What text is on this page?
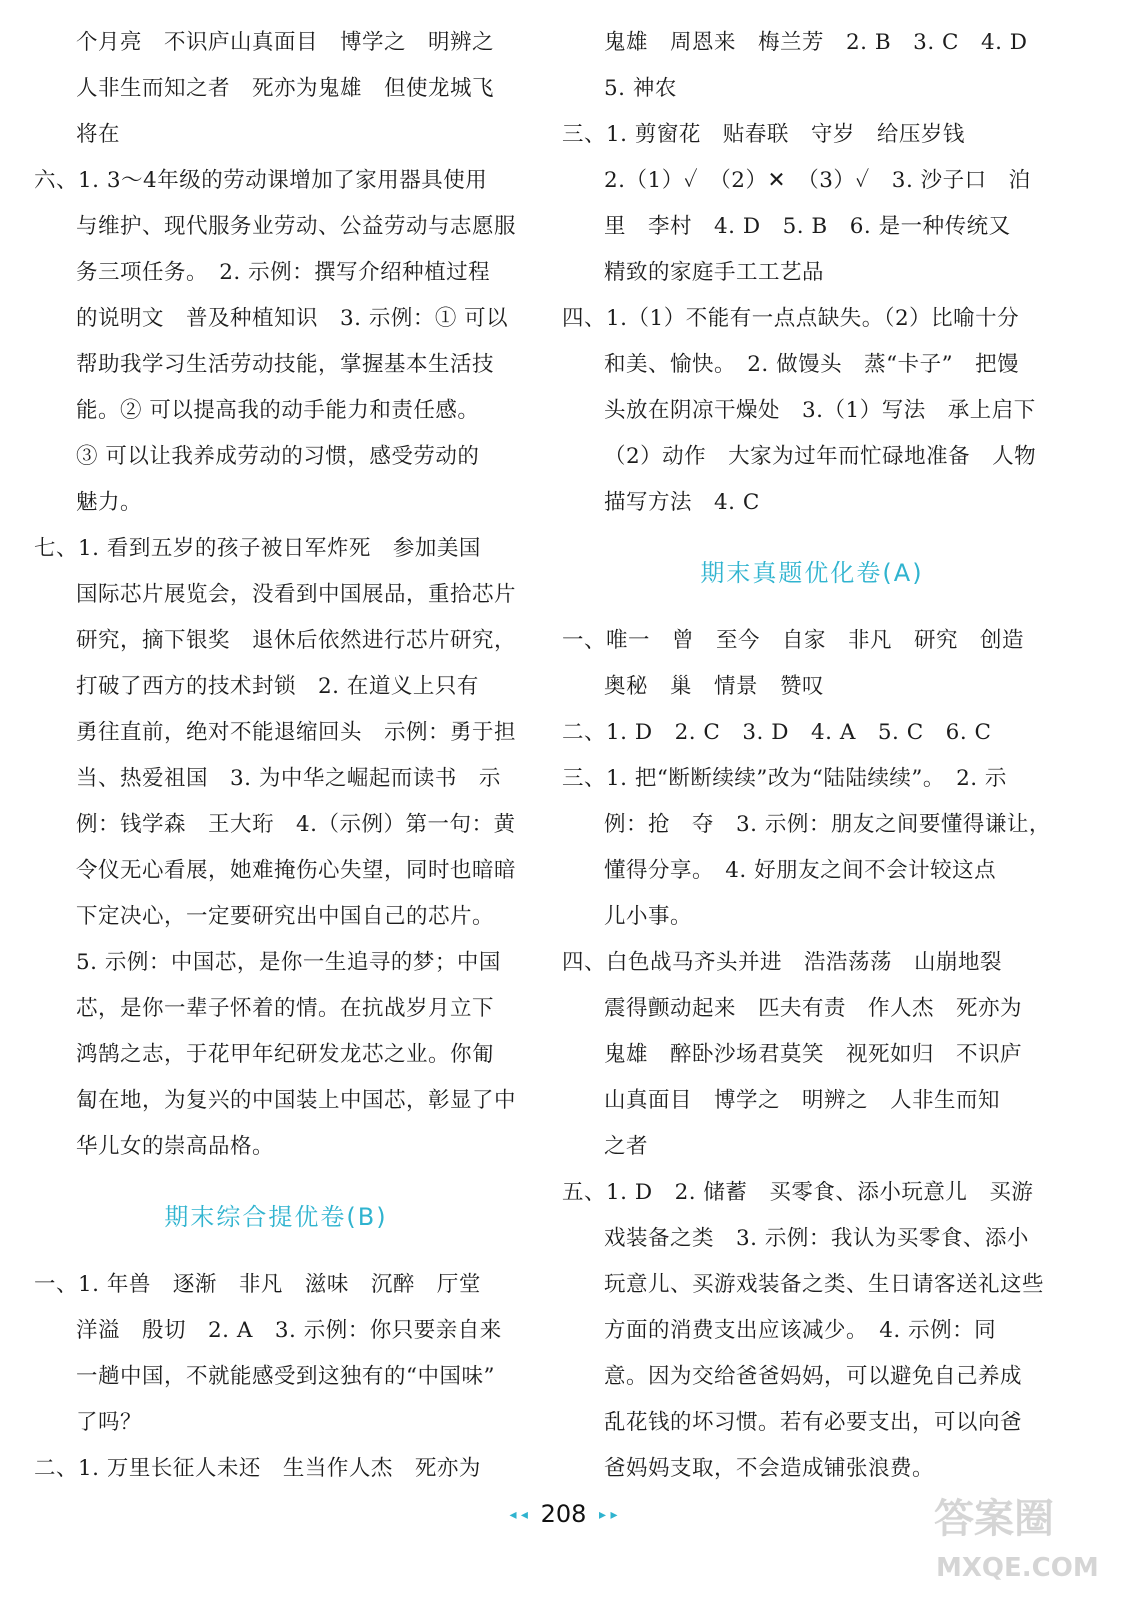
个月亮　不识庐山真面目　博学之　明辨之
人非生而知之者　死亦为鬼雄　但使龙城飞
将在
六、1. 3～4年级的劳动课增加了家用器具使用
与维护、现代服务业劳动、公益劳动与志愿服
务三项任务。　2. 示例：撰写介绍种植过程
的说明文　普及种植知识　3. 示例：① 可以
帮助我学习生活劳动技能，掌握基本生活技
能。② 可以提高我的动手能力和责任感。
③ 可以让我养成劳动的习惯，感受劳动的
魅力。
七、1. 看到五岁的孩子被日军炸死　参加美国
国际芯片展览会，没看到中国展品，重拾芯片
研究，摘下银奖　退休后依然进行芯片研究，
打破了西方的技术封锁　2. 在道义上只有
勇往直前，绝对不能退缩回头　示例：勇于担
当、热爱祖国　3. 为中华之崛起而读书　示
例：钱学森　王大珩　4.（示例）第一句：黄
令仪无心看展，她难掩伤心失望，同时也暗暗
下定决心，一定要研究出中国自己的芯片。
5. 示例：中国芯，是你一生追寻的梦；中国
芯，是你一辈子怀着的情。在抗战岁月立下
鸿鹄之志，于花甲年纪研发龙芯之业。你匍
匐在地，为复兴的中国装上中国芯，彰显了中
华儿女的崇高品格。
期末综合提优卷(B)
一、1. 年兽　逐渐　非凡　滋味　沉醉　厅堂
洋溢　殷切　2. A　3. 示例：你只要亲自来
一趟中国，不就能感受到这独有的“中国味”
了吗？
二、1. 万里长征人未还　生当作人杰　死亦为
鬼雄　周恩来　梅兰芳　2. B　3. C　4. D
5. 神农
三、1. 剪窗花　贴春联　守岁　给压岁钱
2.（1）✓　（2）✕　（3）✓　3. 沙子口　泊
里　李村　4. D　5. B　6. 是一种传统又
精致的家庭手工工艺品
四、1.（1）不能有一点点缺失。（2）比喻十分
和美、愉快。　2. 做馒头　蒸“卡子”　把馒
头放在阴凉干燥处　3.（1）写法　承上启下
（2）动作　大家为过年而忙碌地准备　人物
描写方法　4. C
期末真题优化卷(A)
一、唯一　曾　至今　自家　非凡　研究　创造
奥秘　巢　情景　赞叹
二、1. D　2. C　3. D　4. A　5. C　6. C
三、1. 把“断断续续”改为“陆陆续续”。　2. 示
例：抢　夺　3. 示例：朋友之间要懂得谦让，
懂得分享。　4. 好朋友之间不会计较这点
儿小事。
四、白色战马齐头并进　浩浩荡荡　山崩地裂
震得颤动起来　匹夫有责　作人杰　死亦为
鬼雄　醉卧沙场君莫笑　视死如归　不识庐
山真面目　博学之　明辨之　人非生而知
之者
五、1. D　2. 储蓄　买零食、添小玩意儿　买游
戏装备之类　3. 示例：我认为买零食、添小
玩意儿、买游戏装备之类、生日请客送礼这些
方面的消费支出应该减少。　4. 示例：同
意。因为交给爸爸妈妈，可以避免自己养成
乱花钱的坏习惯。若有必要支出，可以向爸
爸妈妈支取，不会造成铺张浪费。
◂ ◂ 208 ▸ ▸	答案圈
MXQE.COM
